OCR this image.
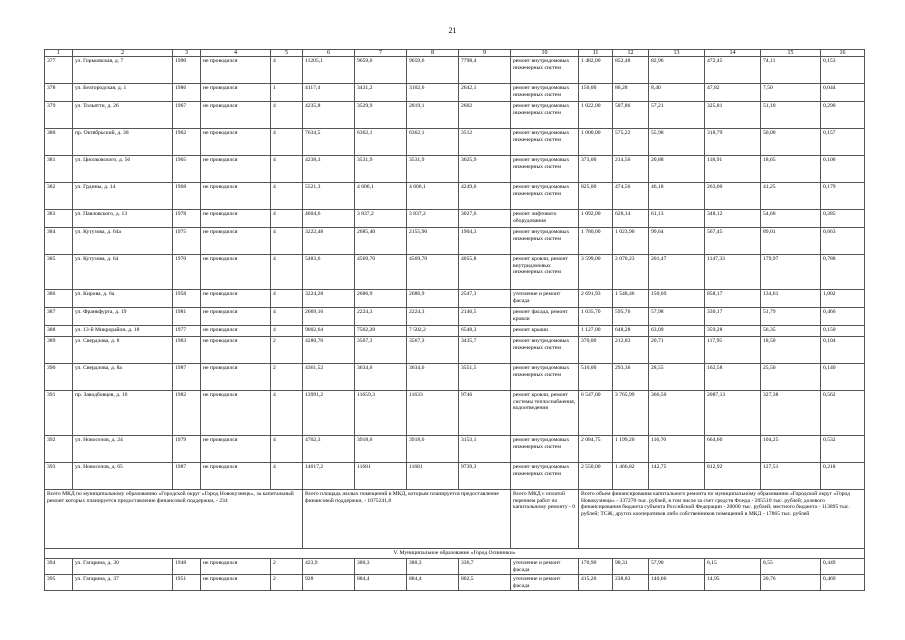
21
1	2	3	4	5	6	7	8	9	10	11	12	13	14	15	16
377	ул. Горьковская, д. 7	1990	не проводился	4	11205,1	9659,6	9659,6	7798,4	ремонт внутридомовых инженерных систем	1 482,00	852,48	82,96	472,45	74,11	0,153
378	ул. Белгородская, д. 1	1986	не проводился	1	4117,4	3431,2	3102,6	2642,1	ремонт внутридомовых инженерных систем	150,00	86,28	8,40	47,82	7,50	0,044
379	ул. Тольятти, д. 26	1967	не проводился	4	4235,8	3529,9	2819,1	2602	ремонт внутридомовых инженерных систем	1 022,00	587,86	57,21	325,81	51,10	0,290
380	пр. Октябрьский, д. 38	1962	не проводился	4	7634,5	6362,1	6362,1	3512	ремонт внутридомовых инженерных систем	1 000,00	575,22	55,98	318,79	50,00	0,157
381	ул. Циолковского, д. 56	1965	не проводился	4	4238,3	3531,9	3531,9	3025,9	ремонт внутридомовых инженерных систем	373,00	214,56	20,88	118,91	18,65	0,106
382	ул. Грдины, д. 14	1968	не проводился	4	5521,3	4 606,1	4 606,1	4249,6	ремонт внутридомовых инженерных систем	825,00	474,56	46,18	263,00	41,25	0,179
383	ул. Павловского, д. 13	1978	не проводился	4	4604,6	3 837,2	3 837,2	3027,6	ремонт лифтового оборудования	1 092,00	628,14	61,13	348,12	54,60	0,285
384	ул. Кутузова, д. 64а	1975	не проводился	4	3222,48	2685,40	2155,90	1904,3	ремонт внутридомовых инженерных систем	1 780,00	1 023,90	99,64	567,45	89,01	0,663
385	ул. Кутузова, д. 64	1970	не проводился	4	5483,6	4569,70	4569,70	4055,8	ремонт кровли, ремонт внутридомовых инженерных систем	3 599,00	2 070,23	201,47	1147,33	179,97	0,788
386	ул. Кирова, д. 6а	1958	не проводился	4	3224,28	2686,9	2686,9	2547,3	утепление и ремонт фасада	2 691,93	1 548,46	150,69	858,17	134,61	1,002
387	ул. Франкфурта, д. 19	1981	не проводился	4	2669,16	2224,3	2224,3	2146,5	ремонт фасада, ремонт кровли	1 035,70	595,76	57,98	330,17	51,79	0,466
388	ул. 13-й Микрорайон, д. 18	1977	не проводился	4	9002,64	7502,20	7 502,2	6548,3	ремонт крыши	1 127,00	648,28	63,09	359,28	56,35	0,150
389	ул. Свердлова, д. 8	1983	не проводился	2	4280,76	3567,3	3567,3	3435,7	ремонт внутридомовых инженерных систем	370,00	212,83	20,71	117,95	18,50	0,104
390	ул. Свердлова, д. 8а	1987	не проводился	2	4361,52	3634,6	3634,6	3551,5	ремонт внутридомовых инженерных систем	510,00	293,36	28,55	162,58	25,50	0,140
391	пр. Заводбовцев, д. 16	1982	не проводился	4	13991,2	11659,3	11633	9746	ремонт кровли, ремонт системы теплоснабжения, водоотведения	6 547,00	3 765,99	366,50	2087,13	327,38	0,562
392	ул. Новоселов, д. 24	1979	не проводился	4	4702,3	3918,6	3918,6	3153,1	ремонт внутридомовых инженерных систем	2 084,75	1 199,20	116,70	664,60	104,25	0,532
393	ул. Новоселов, д. 65	1987	не проводился	4	14017,2	11681	11681	9739,3	ремонт внутридомовых инженерных систем	2 550,00	1 466,82	142,75	812,92	127,51	0,218
Всего МКД по муниципальному образованию «Городской округ «Город Новокузнецк», за капитальный ремонт которых планируется предоставление финансовой поддержки, - 234					Всего площадь жилых помещений в МКД, которым планируется предоставление финансовой поддержки, - 1075241,8				Всего МКД с оплатой перечнем работ по капитальному ремонту - 0	Всего объем финансирования капитального ремонта по муниципальному образованию «Городской округ «Город Новокузнецк» - 337270 тыс. рублей, в том числе за счет средств Фонда - 205510 тыс. рублей; долевого финансирования бюджета субъекта Российской Федерации - 20000 тыс. рублей; местного бюджета - 113895 тыс. рублей; ТСЖ, других кооперативов либо собственников помещений в МКД - 17865 тыс. рублей					
V. Муниципальное образование «Город Осинники»															
394	ул. Гагарина, д. 30	1948	не проводился	2	423,9	380,3	380,3	336,7	утепление и ремонт фасада	170,90	98,31	57,90	6,15	8,55	0,449
395	ул. Гагарина, д. 37	1951	не проводился	2	928	884,4	884,4	802,5	утепление и ремонт фасада	415,20	238,83	140,66	14,95	20,76	0,469
